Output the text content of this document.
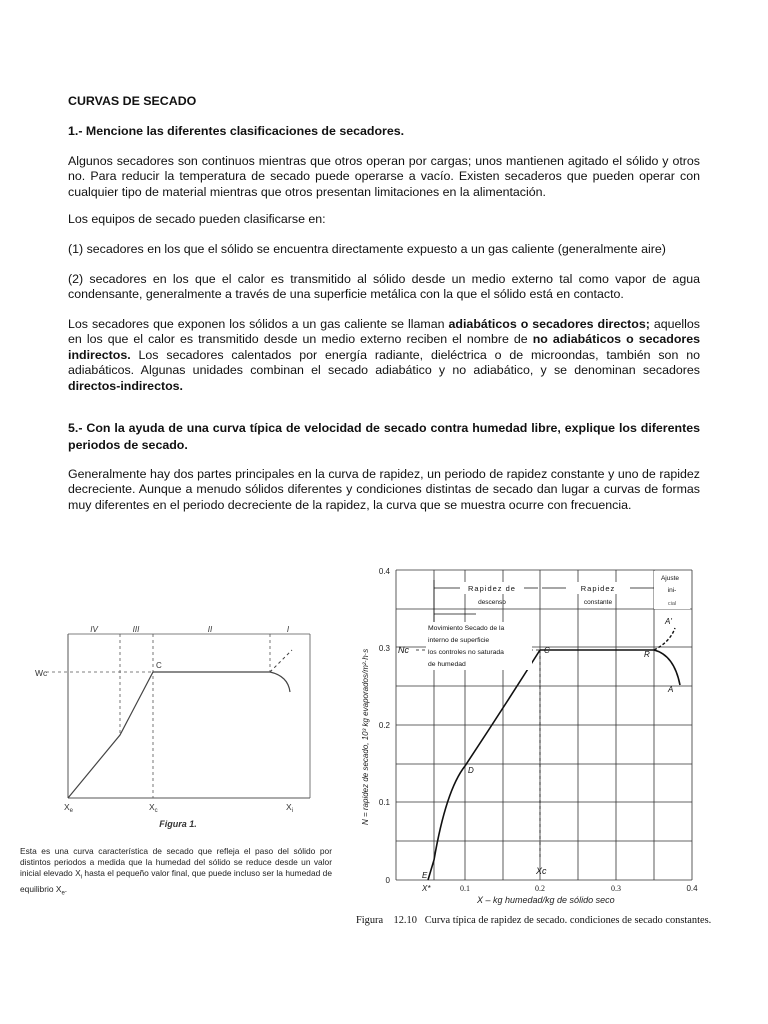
CURVAS DE SECADO
1.- Mencione las diferentes clasificaciones de secadores.

Algunos secadores son continuos mientras que otros operan por cargas; unos mantienen agitado el sólido y otros no. Para reducir la temperatura de secado puede operarse a vacío. Existen secaderos que pueden operar con cualquier tipo de material mientras que otros presentan limitaciones en la alimentación.

Los equipos de secado pueden clasificarse en:

(1) secadores en los que el sólido se encuentra directamente expuesto a un gas caliente (generalmente aire)

(2) secadores en los que el calor es transmitido al sólido desde un medio externo tal como vapor de agua condensante, generalmente a través de una superficie metálica con la que el sólido está en contacto.

Los secadores que exponen los sólidos a un gas caliente se llaman adiabáticos o secadores directos; aquellos en los que el calor es transmitido desde un medio externo reciben el nombre de no adiabáticos o secadores indirectos. Los secadores calentados por energía radiante, dieléctrica o de microondas, también son no adiabáticos. Algunas unidades combinan el secado adiabático y no adiabático, y se denominan secadores directos-indirectos.

5.- Con la ayuda de una curva típica de velocidad de secado contra humedad libre, explique los diferentes periodos de secado.

Generalmente hay dos partes principales en la curva de rapidez, un periodo de rapidez constante y uno de rapidez decreciente. Aunque a menudo sólidos diferentes y condiciones distintas de secado dan lugar a curvas de formas muy diferentes en el periodo decreciente de la rapidez, la curva que se muestra ocurre con frecuencia.

IV	III	II	I
Wc
C
$X_e$	$X_c$	$X_i$
Figura 1.
Esta es una curva característica de secado que refleja el paso del sólido por distintos periodos a medida que la humedad del sólido se reduce desde un valor inicial elevado $X_i$ hasta el pequeño valor final, que puede incluso ser la humedad de equilibrio $X_e$.
0.4
0.3
0.2
0.1
0
0.1	0.2	0.3	0.4
N = rapidez de secado, 10³ kg evaporados/m²·h·s
X – kg humedad/kg de sólido seco
A'
A
R
C
D
E
Nc
Xc
X*
Rapidez de
descenso
Rapidez
constante
Ajuste
ini-
cial
Movimiento Secado de la
interno de superficie
los controles no saturada
de humedad
Figura 12.10 Curva típica de rapidez de secado. condiciones de secado constantes.
